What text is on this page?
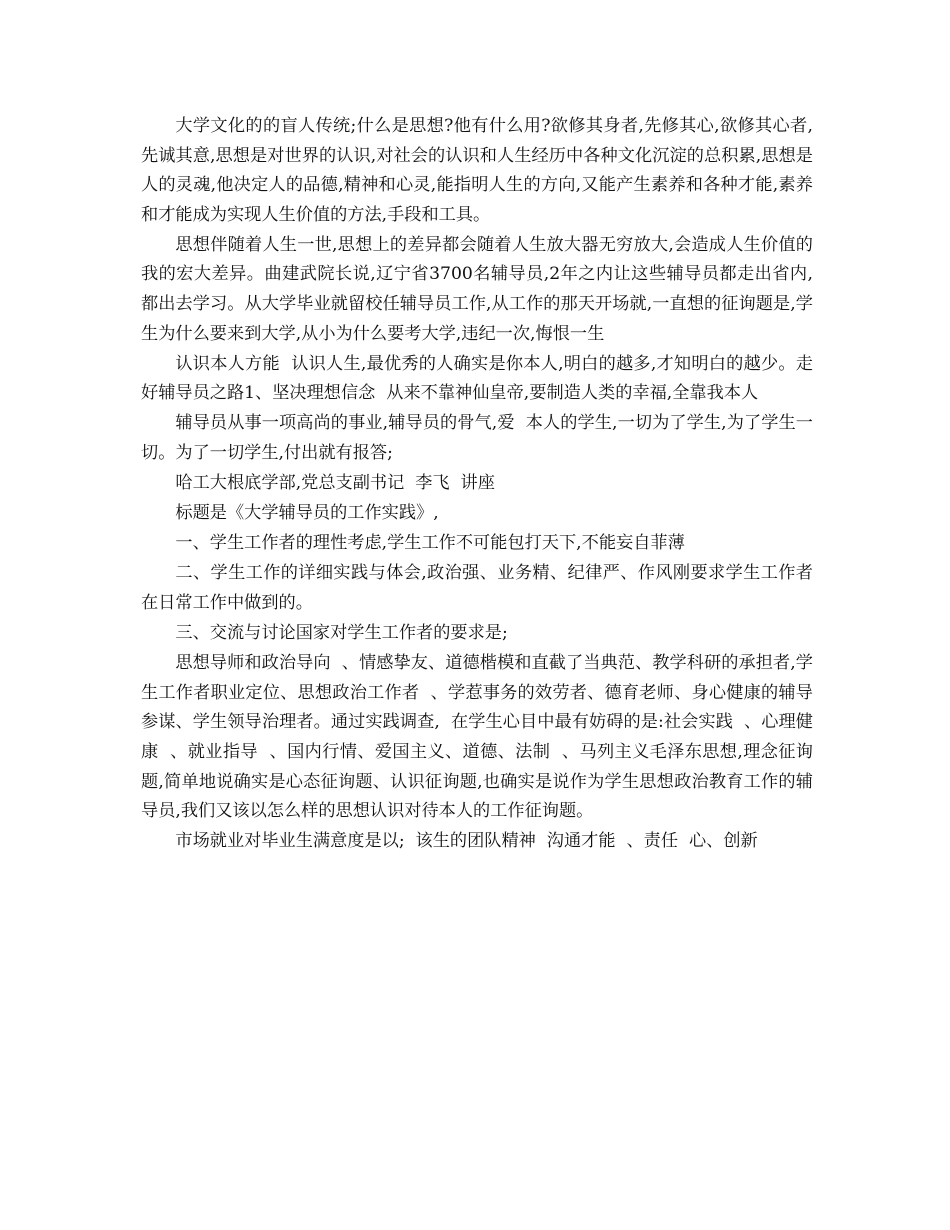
大学文化的的盲人传统;什么是思想?他有什么用?欲修其身者,先修其心,欲修其心者,先诚其意,思想是对世界的认识,对社会的认识和人生经历中各种文化沉淀的总积累,思想是人的灵魂,他决定人的品德,精神和心灵,能指明人生的方向,又能产生素养和各种才能,素养和才能成为实现人生价值的方法,手段和工具。

思想伴随着人生一世,思想上的差异都会随着人生放大器无穷放大,会造成人生价值的我的宏大差异。曲建武院长说,辽宁省3700名辅导员,2年之内让这些辅导员都走出省内,都出去学习。从大学毕业就留校任辅导员工作,从工作的那天开场就,一直想的征询题是,学生为什么要来到大学,从小为什么要考大学,违纪一次,悔恨一生

认识本人方能  认识人生,最优秀的人确实是你本人,明白的越多,才知明白的越少。走好辅导员之路1、坚决理想信念  从来不靠神仙皇帝,要制造人类的幸福,全靠我本人

辅导员从事一项高尚的事业,辅导员的骨气,爱  本人的学生,一切为了学生,为了学生一切。为了一切学生,付出就有报答;

哈工大根底学部,党总支副书记  李飞  讲座

标题是《大学辅导员的工作实践》,

一、学生工作者的理性考虑,学生工作不可能包打天下,不能妄自菲薄

二、学生工作的详细实践与体会,政治强、业务精、纪律严、作风刚要求学生工作者在日常工作中做到的。

三、交流与讨论国家对学生工作者的要求是;

思想导师和政治导向  、情感挚友、道德楷模和直截了当典范、教学科研的承担者,学生工作者职业定位、思想政治工作者  、学惹事务的效劳者、德育老师、身心健康的辅导参谋、学生领导治理者。通过实践调查,  在学生心目中最有妨碍的是:社会实践  、心理健康  、就业指导  、国内行情、爱国主义、道德、法制  、马列主义毛泽东思想,理念征询题,简单地说确实是心态征询题、认识征询题,也确实是说作为学生思想政治教育工作的辅导员,我们又该以怎么样的思想认识对待本人的工作征询题。

市场就业对毕业生满意度是以;  该生的团队精神  沟通才能  、责任  心、创新
